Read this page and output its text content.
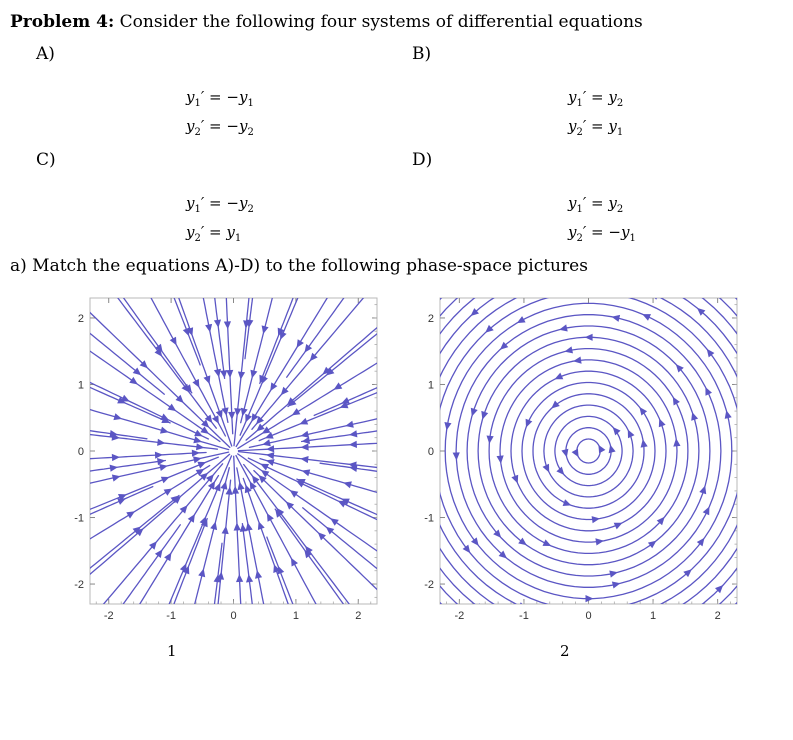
Problem 4: Consider the following four systems of differential equations
A)	B)
C)	D)
$y_1' = -y_1$
$y_2' = -y_2$
$y_1' = y_2$
$y_2' = y_1$
$y_1' = -y_2$
$y_2' = y_1$
$y_1' = y_2$
$y_2' = -y_1$
a) Match the equations A)-D) to the following phase-space pictures
-2
-2
-1
-1
0
0
1
1
2
2
1
-2
-2
-1
-1
0
0
1
1
2
2
2
